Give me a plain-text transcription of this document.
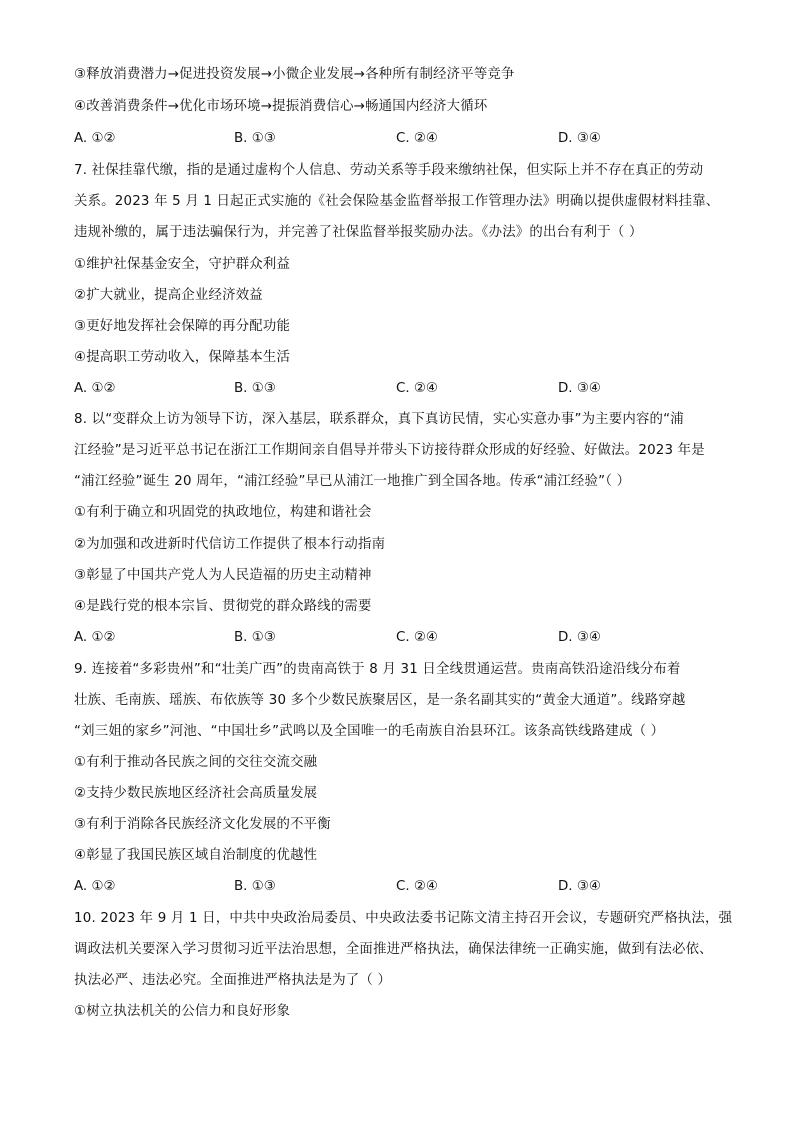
③释放消费潜力→促进投资发展→小微企业发展→各种所有制经济平等竞争
④改善消费条件→优化市场环境→提振消费信心→畅通国内经济大循环
A. ①②	B. ①③	C. ②④	D. ③④
7. 社保挂靠代缴，指的是通过虚构个人信息、劳动关系等手段来缴纳社保，但实际上并不存在真正的劳动
关系。2023 年 5 月 1 日起正式实施的《社会保险基金监督举报工作管理办法》明确以提供虚假材料挂靠、
违规补缴的，属于违法骗保行为，并完善了社保监督举报奖励办法。《办法》的出台有利于（ ）
①维护社保基金安全，守护群众利益
②扩大就业，提高企业经济效益
③更好地发挥社会保障的再分配功能
④提高职工劳动收入，保障基本生活
A. ①②	B. ①③	C. ②④	D. ③④
8. 以“变群众上访为领导下访，深入基层，联系群众，真下真访民情，实心实意办事”为主要内容的“浦
江经验”是习近平总书记在浙江工作期间亲自倡导并带头下访接待群众形成的好经验、好做法。2023 年是
“浦江经验”诞生 20 周年，“浦江经验”早已从浦江一地推广到全国各地。传承“浦江经验”（ ）
①有利于确立和巩固党的执政地位，构建和谐社会
②为加强和改进新时代信访工作提供了根本行动指南
③彰显了中国共产党人为人民造福的历史主动精神
④是践行党的根本宗旨、贯彻党的群众路线的需要
A. ①②	B. ①③	C. ②④	D. ③④
9. 连接着“多彩贵州”和“壮美广西”的贵南高铁于 8 月 31 日全线贯通运营。贵南高铁沿途沿线分布着
壮族、毛南族、瑶族、布依族等 30 多个少数民族聚居区，是一条名副其实的“黄金大通道”。线路穿越
“刘三姐的家乡”河池、“中国壮乡”武鸣以及全国唯一的毛南族自治县环江。该条高铁线路建成（ ）
①有利于推动各民族之间的交往交流交融
②支持少数民族地区经济社会高质量发展
③有利于消除各民族经济文化发展的不平衡
④彰显了我国民族区域自治制度的优越性
A. ①②	B. ①③	C. ②④	D. ③④
10. 2023 年 9 月 1 日，中共中央政治局委员、中央政法委书记陈文清主持召开会议，专题研究严格执法，强
调政法机关要深入学习贯彻习近平法治思想，全面推进严格执法，确保法律统一正确实施，做到有法必依、
执法必严、违法必究。全面推进严格执法是为了（ ）
①树立执法机关的公信力和良好形象
